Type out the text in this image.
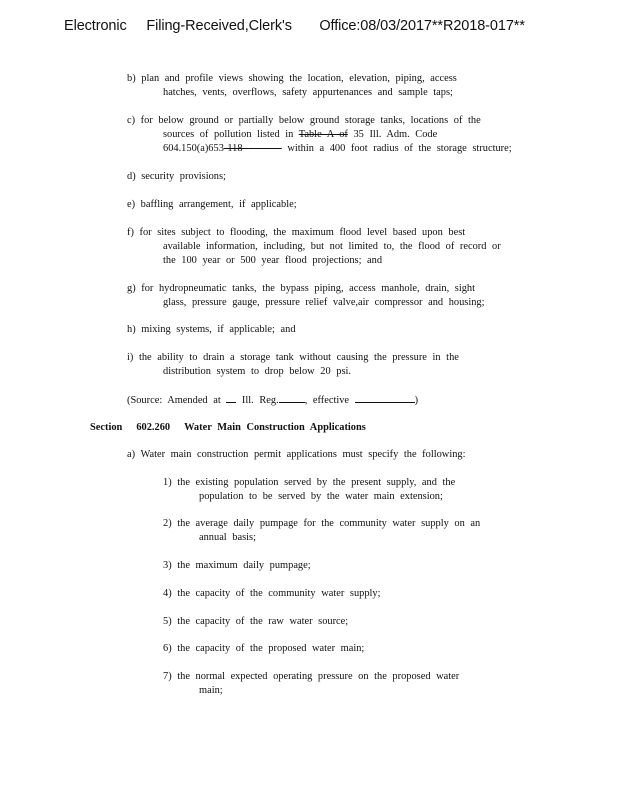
Electronic Filing-Received,Clerk's Office:08/03/2017**R2018-017**
b) plan and profile views showing the location, elevation, piping, access
hatches, vents, overflows, safety appurtenances and sample taps;
c) for below ground or partially below ground storage tanks, locations of the
sources of pollution listed in Table A of 35 Ill. Adm. Code
604.150(a)653-118	within a 400 foot radius of the storage structure;
d) security provisions;
e) baffling arrangement, if applicable;
f) for sites subject to flooding, the maximum flood level based upon best
available information, including, but not limited to, the flood of record or
the 100 year or 500 year flood projections; and
g) for hydropneumatic tanks, the bypass piping, access manhole, drain, sight
glass, pressure gauge, pressure relief valve,air compressor and housing;
h) mixing systems, if applicable; and
i) the ability to drain a storage tank without causing the pressure in the
distribution system to drop below 20 psi.
(Source: Amended at  Ill. Reg.	, effective	)
Section 602.260 Water Main Construction Applications
a) Water main construction permit applications must specify the following:
1) the existing population served by the present supply, and the
population to be served by the water main extension;
2) the average daily pumpage for the community water supply on an
annual basis;
3) the maximum daily pumpage;
4) the capacity of the community water supply;
5) the capacity of the raw water source;
6) the capacity of the proposed water main;
7) the normal expected operating pressure on the proposed water
main;
